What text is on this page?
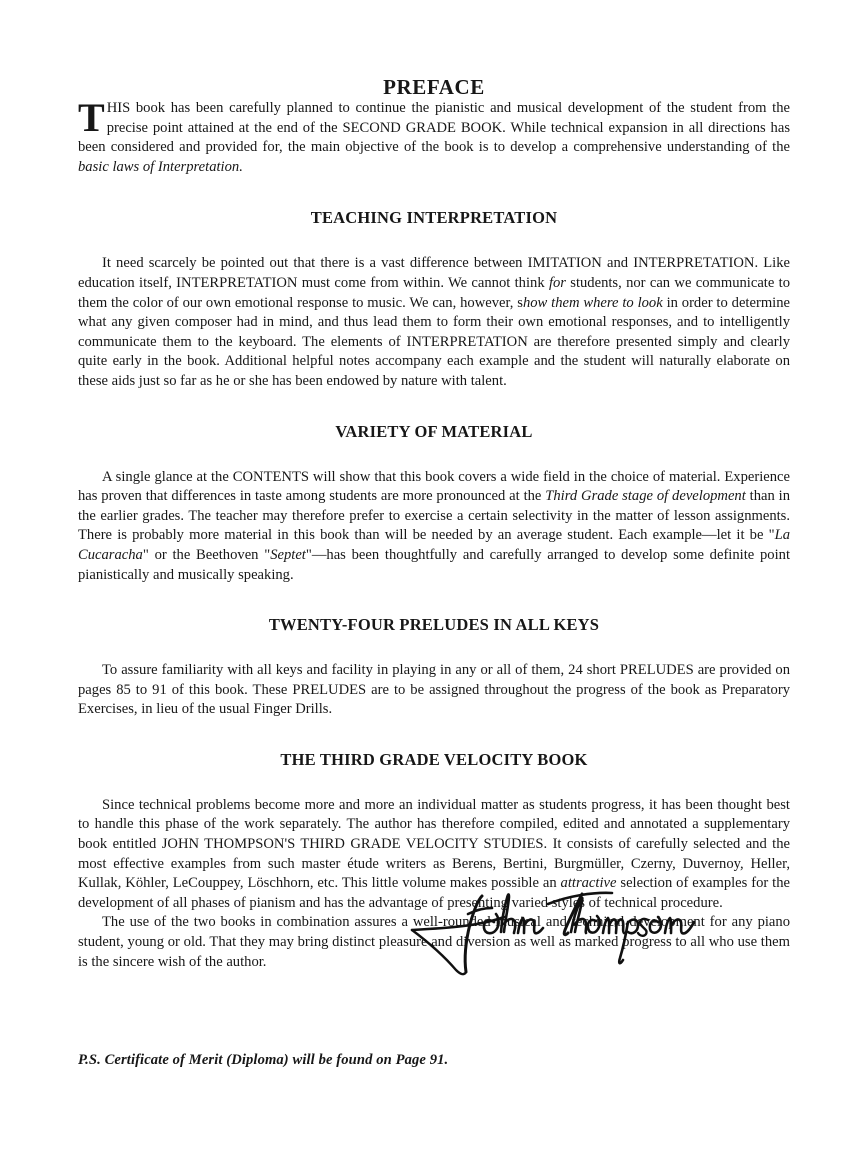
PREFACE

THIS book has been carefully planned to continue the pianistic and musical development of the student from the precise point attained at the end of the SECOND GRADE BOOK. While technical expansion in all directions has been considered and provided for, the main objective of the book is to develop a comprehensive understanding of the basic laws of Interpretation.

TEACHING INTERPRETATION

It need scarcely be pointed out that there is a vast difference between IMITATION and INTERPRETATION. Like education itself, INTERPRETATION must come from within. We cannot think for students, nor can we communicate to them the color of our own emotional response to music. We can, however, show them where to look in order to determine what any given composer had in mind, and thus lead them to form their own emotional responses, and to intelligently communicate them to the keyboard. The elements of INTERPRETATION are therefore presented simply and clearly quite early in the book. Additional helpful notes accompany each example and the student will naturally elaborate on these aids just so far as he or she has been endowed by nature with talent.

VARIETY OF MATERIAL

A single glance at the CONTENTS will show that this book covers a wide field in the choice of material. Experience has proven that differences in taste among students are more pronounced at the Third Grade stage of development than in the earlier grades. The teacher may therefore prefer to exercise a certain selectivity in the matter of lesson assignments. There is probably more material in this book than will be needed by an average student. Each example—let it be "La Cucaracha" or the Beethoven "Septet"—has been thoughtfully and carefully arranged to develop some definite point pianistically and musically speaking.

TWENTY-FOUR PRELUDES IN ALL KEYS

To assure familiarity with all keys and facility in playing in any or all of them, 24 short PRELUDES are provided on pages 85 to 91 of this book. These PRELUDES are to be assigned throughout the progress of the book as Preparatory Exercises, in lieu of the usual Finger Drills.

THE THIRD GRADE VELOCITY BOOK

Since technical problems become more and more an individual matter as students progress, it has been thought best to handle this phase of the work separately. The author has therefore compiled, edited and annotated a supplementary book entitled JOHN THOMPSON'S THIRD GRADE VELOCITY STUDIES. It consists of carefully selected and the most effective examples from such master étude writers as Berens, Bertini, Burgmüller, Czerny, Duvernoy, Heller, Kullak, Köhler, LeCouppey, Löschhorn, etc. This little volume makes possible an attractive selection of examples for the development of all phases of pianism and has the advantage of presenting varied styles of technical procedure.

The use of the two books in combination assures a well-rounded musical and technical development for any piano student, young or old. That they may bring distinct pleasure and diversion as well as marked progress to all who use them is the sincere wish of the author.

P.S. Certificate of Merit (Diploma) will be found on Page 91.
